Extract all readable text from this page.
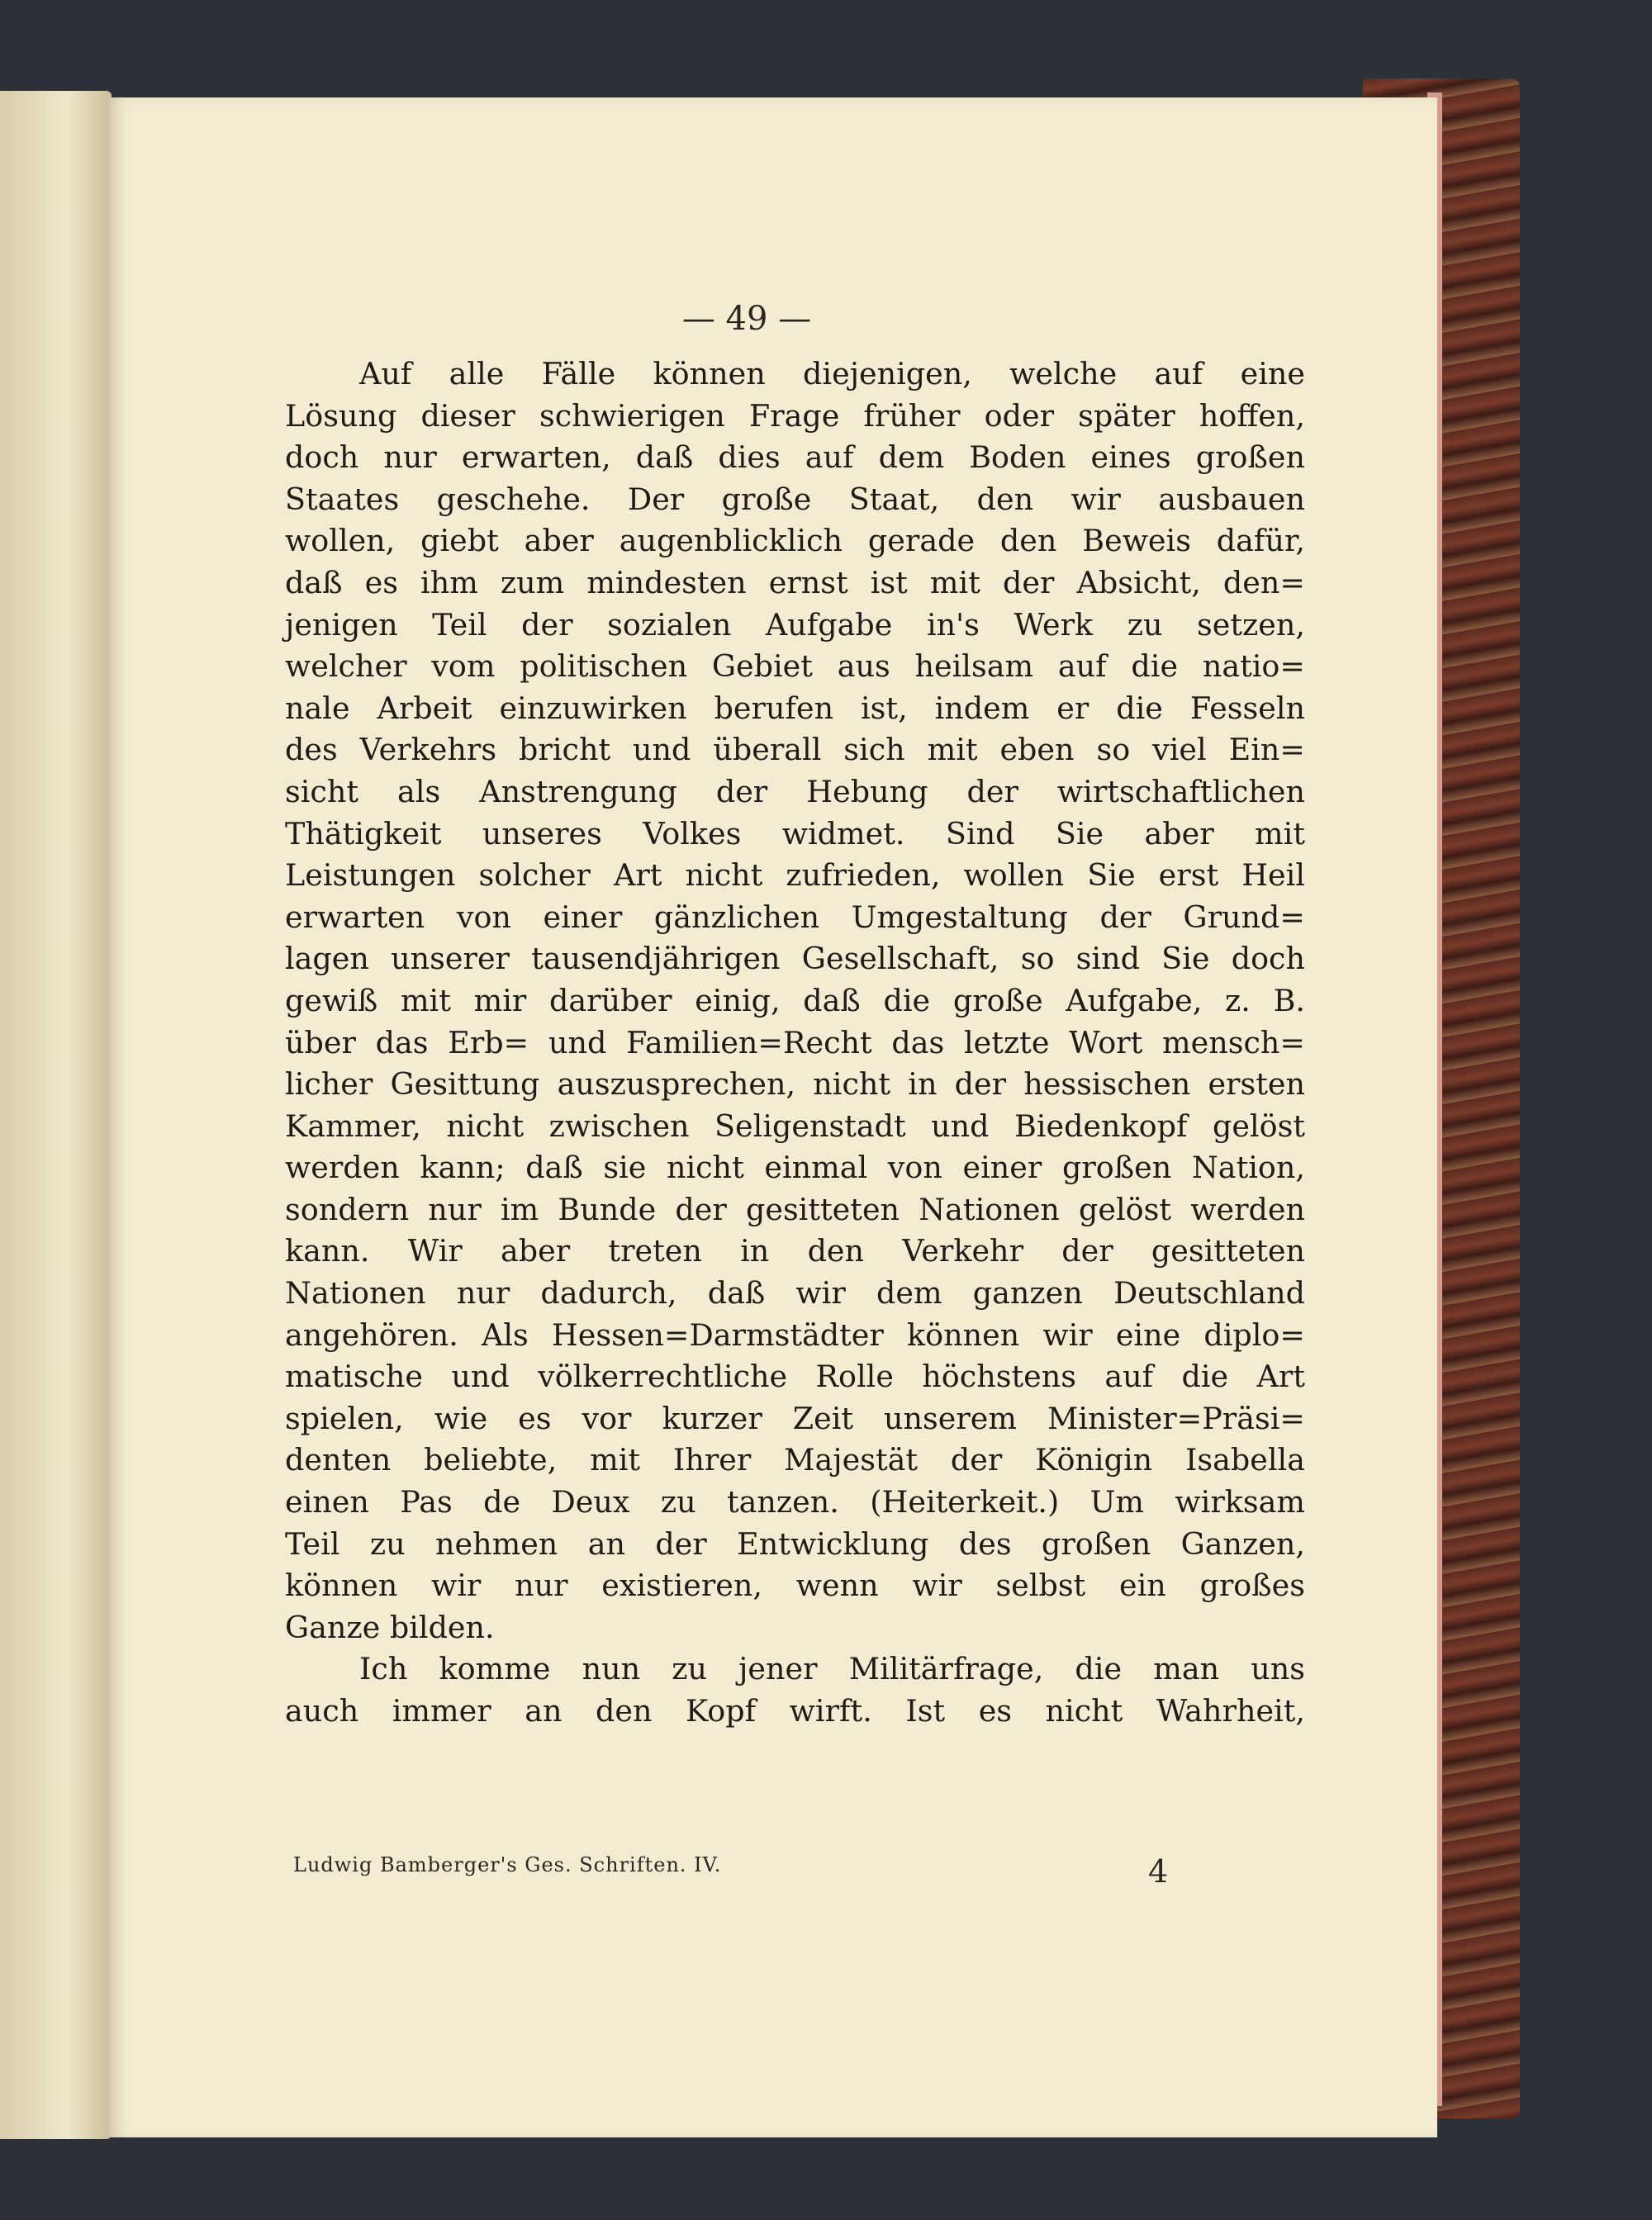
— 49 —
Auf alle Fälle können diejenigen, welche auf eine
Lösung dieser schwierigen Frage früher oder später hoffen,
doch nur erwarten, daß dies auf dem Boden eines großen
Staates geschehe. Der große Staat, den wir ausbauen
wollen, giebt aber augenblicklich gerade den Beweis dafür,
daß es ihm zum mindesten ernst ist mit der Absicht, den=
jenigen Teil der sozialen Aufgabe in's Werk zu setzen,
welcher vom politischen Gebiet aus heilsam auf die natio=
nale Arbeit einzuwirken berufen ist, indem er die Fesseln
des Verkehrs bricht und überall sich mit eben so viel Ein=
sicht als Anstrengung der Hebung der wirtschaftlichen
Thätigkeit unseres Volkes widmet. Sind Sie aber mit
Leistungen solcher Art nicht zufrieden, wollen Sie erst Heil
erwarten von einer gänzlichen Umgestaltung der Grund=
lagen unserer tausendjährigen Gesellschaft, so sind Sie doch
gewiß mit mir darüber einig, daß die große Aufgabe, z. B.
über das Erb= und Familien=Recht das letzte Wort mensch=
licher Gesittung auszusprechen, nicht in der hessischen ersten
Kammer, nicht zwischen Seligenstadt und Biedenkopf gelöst
werden kann; daß sie nicht einmal von einer großen Nation,
sondern nur im Bunde der gesitteten Nationen gelöst werden
kann. Wir aber treten in den Verkehr der gesitteten
Nationen nur dadurch, daß wir dem ganzen Deutschland
angehören. Als Hessen=Darmstädter können wir eine diplo=
matische und völkerrechtliche Rolle höchstens auf die Art
spielen, wie es vor kurzer Zeit unserem Minister=Präsi=
denten beliebte, mit Ihrer Majestät der Königin Isabella
einen Pas de Deux zu tanzen. (Heiterkeit.) Um wirksam
Teil zu nehmen an der Entwicklung des großen Ganzen,
können wir nur existieren, wenn wir selbst ein großes
Ganze bilden.
Ich komme nun zu jener Militärfrage, die man uns
auch immer an den Kopf wirft. Ist es nicht Wahrheit,
Ludwig Bamberger's Ges. Schriften. IV.	4
